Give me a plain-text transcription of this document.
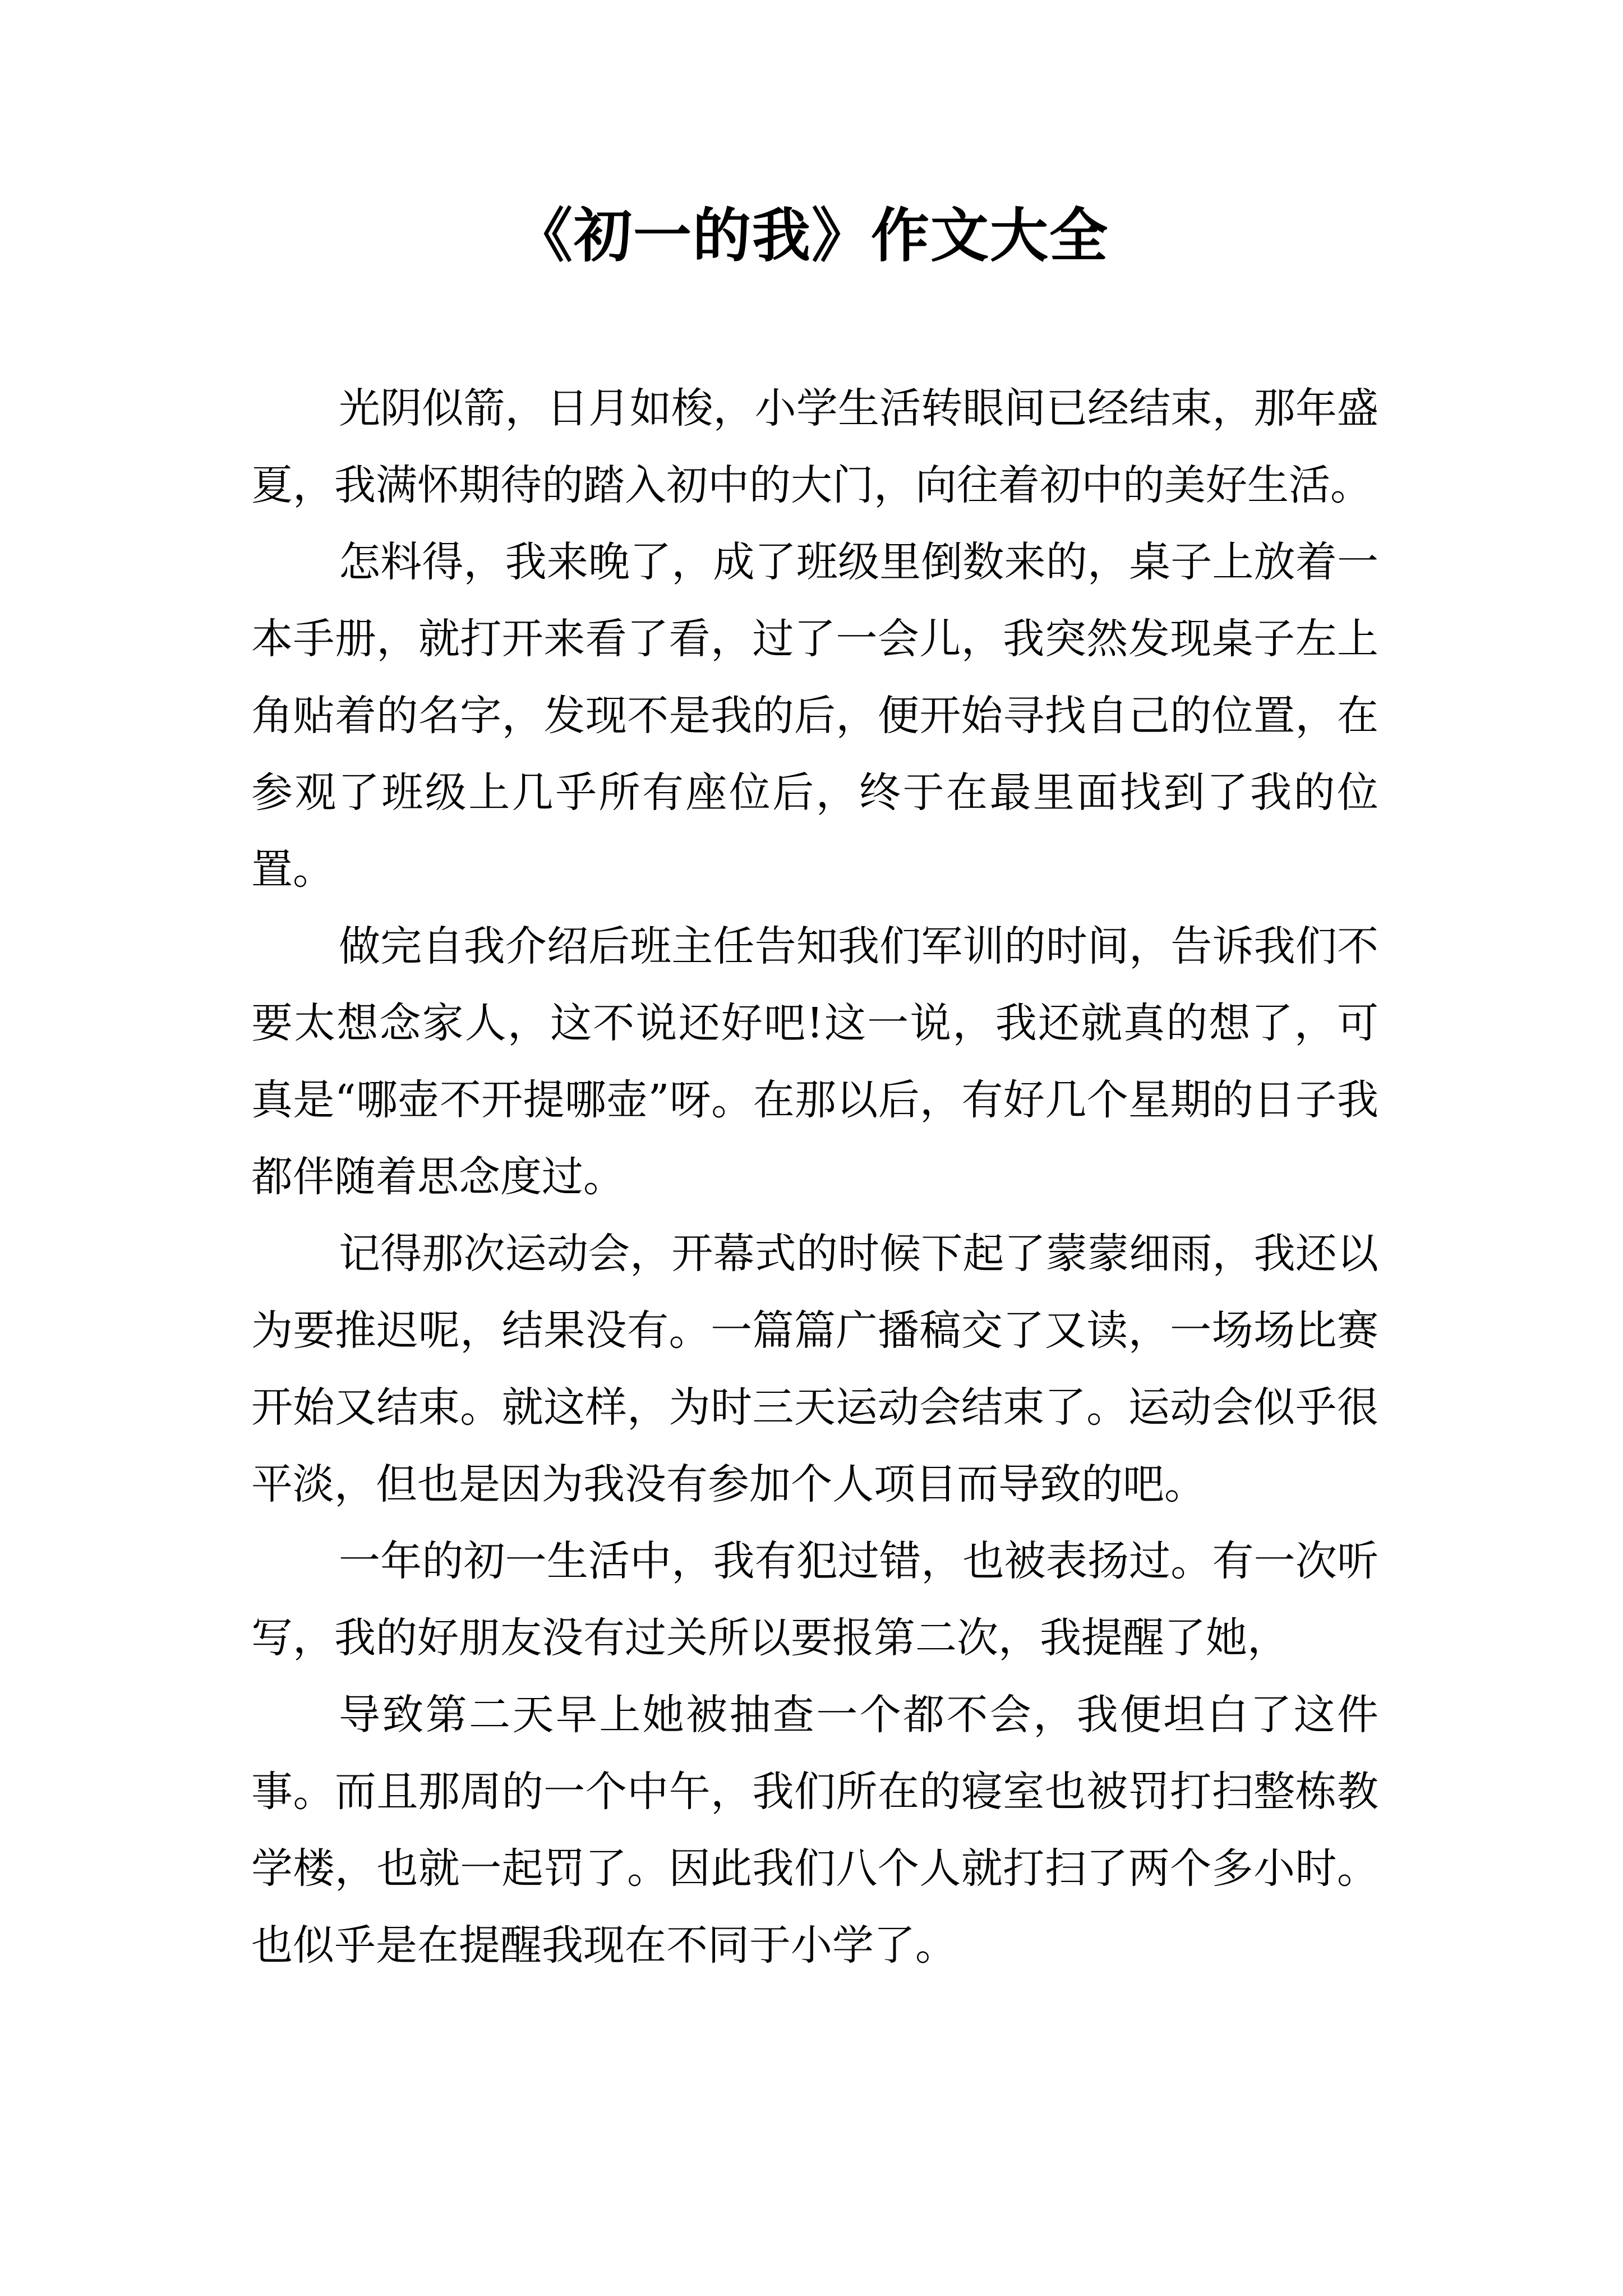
《初一的我》作文大全

光阴似箭，日月如梭，小学生活转眼间已经结束，那年盛夏，我满怀期待的踏入初中的大门，向往着初中的美好生活。

怎料得，我来晚了，成了班级里倒数来的，桌子上放着一本手册，就打开来看了看，过了一会儿，我突然发现桌子左上角贴着的名字，发现不是我的后，便开始寻找自己的位置，在参观了班级上几乎所有座位后，终于在最里面找到了我的位置。

做完自我介绍后班主任告知我们军训的时间，告诉我们不要太想念家人，这不说还好吧!这一说，我还就真的想了，可真是“哪壶不开提哪壶”呀。在那以后，有好几个星期的日子我都伴随着思念度过。

记得那次运动会，开幕式的时候下起了蒙蒙细雨，我还以为要推迟呢，结果没有。一篇篇广播稿交了又读，一场场比赛开始又结束。就这样，为时三天运动会结束了。运动会似乎很平淡，但也是因为我没有参加个人项目而导致的吧。

一年的初一生活中，我有犯过错，也被表扬过。有一次听写，我的好朋友没有过关所以要报第二次，我提醒了她，

导致第二天早上她被抽查一个都不会，我便坦白了这件事。而且那周的一个中午，我们所在的寝室也被罚打扫整栋教学楼，也就一起罚了。因此我们八个人就打扫了两个多小时。也似乎是在提醒我现在不同于小学了。
